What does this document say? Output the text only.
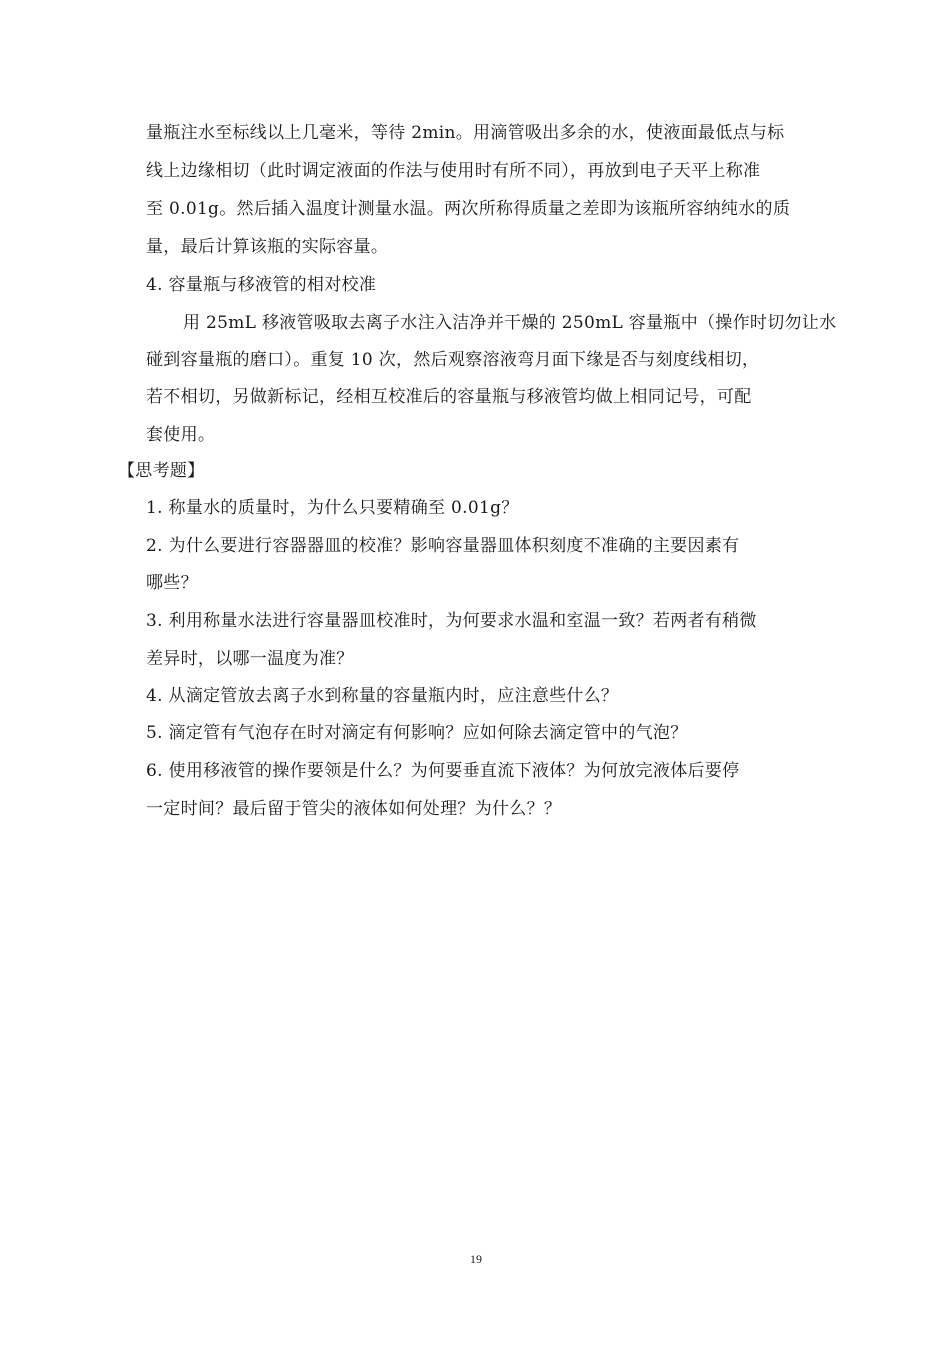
量瓶注水至标线以上几毫米，等待 2min。用滴管吸出多余的水，使液面最低点与标
线上边缘相切（此时调定液面的作法与使用时有所不同），再放到电子天平上称准
至 0.01g。然后插入温度计测量水温。两次所称得质量之差即为该瓶所容纳纯水的质
量，最后计算该瓶的实际容量。
4. 容量瓶与移液管的相对校准
用 25mL 移液管吸取去离子水注入洁净并干燥的 250mL 容量瓶中（操作时切勿让水
碰到容量瓶的磨口）。重复 10 次，然后观察溶液弯月面下缘是否与刻度线相切，
若不相切，另做新标记，经相互校准后的容量瓶与移液管均做上相同记号，可配
套使用。
【思考题】
1. 称量水的质量时，为什么只要精确至 0.01g？
2. 为什么要进行容器器皿的校准？影响容量器皿体积刻度不准确的主要因素有
哪些？
3. 利用称量水法进行容量器皿校准时，为何要求水温和室温一致？若两者有稍微
差异时，以哪一温度为准？
4. 从滴定管放去离子水到称量的容量瓶内时，应注意些什么？
5. 滴定管有气泡存在时对滴定有何影响？应如何除去滴定管中的气泡？
6. 使用移液管的操作要领是什么？为何要垂直流下液体？为何放完液体后要停
一定时间？最后留于管尖的液体如何处理？为什么？？
19
